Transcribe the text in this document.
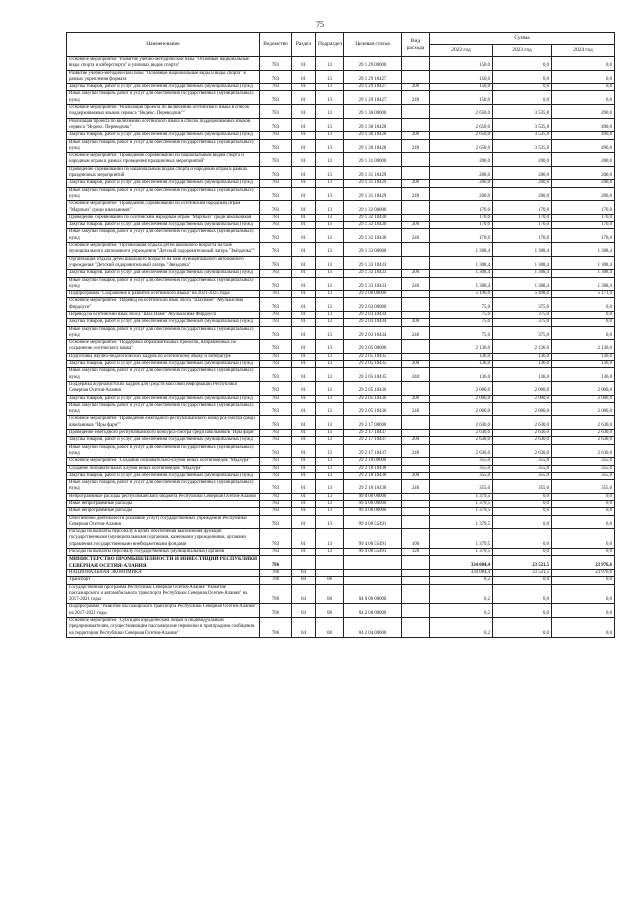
75
Наименование	Ведомство	Раздел	Подраздел	Целевая статья	Вид расхода	Сумма		
						2022 год	2023 год	2024 год
Основное мероприятие "Развитие учебно-методической базы "Основные национальные виды спорта и киберспорта" и уличных видов спорта"	783	01	13	29 1 29 00000		150,0	0,0	0,0
Развитие учебно-методической базы "Основные национальные виды и виды спорта" в рамках укрепления формата	783	01	13	29 1 29 10427		150,0	0,0	0,0
Закупка товаров, работ и услуг для обеспечения государственных (муниципальных) нужд	783	01	13	29 1 29 10427	200	150,0	0,0	0,0
Иные закупки товаров, работ и услуг для обеспечения государственных (муниципальных) нужд	783	01	13	29 1 29 10427	240	150,0	0,0	0,0
Основное мероприятие "Реализация проекта по включению осетинского языка в список поддерживаемых языков сервиса "Яндекс. Переводчик""	783	01	13	29 1 30 00000		2 650,0	3 535,8	490,0
Реализация проекта по включению осетинского языка в список поддерживаемых языков сервиса "Яндекс. Переводчик"	783	01	13	29 1 30 10428		2 650,0	3 535,8	490,0
Закупка товаров, работ и услуг для обеспечения государственных (муниципальных) нужд	783	01	13	29 1 30 10428	200	2 650,0	3 535,8	490,0
Иные закупки товаров, работ и услуг для обеспечения государственных (муниципальных) нужд	783	01	13	29 1 30 10428	240	2 650,0	3 535,8	490,0
Основное мероприятие "Проведение соревнований по национальным видам спорта и народным играм в рамках проведения праздничных мероприятий"	783	01	13	29 1 31 00000		200,0	200,0	200,0
Проведение соревнований по национальным видам спорта и народным играм в рамках праздничных мероприятий	783	01	13	29 1 31 10429		200,0	200,0	200,0
Закупка товаров, работ и услуг для обеспечения государственных (муниципальных) нужд	783	01	13	29 1 31 10429	200	200,0	200,0	200,0
Иные закупки товаров, работ и услуг для обеспечения государственных (муниципальных) нужд	783	01	13	29 1 31 10429	240	200,0	200,0	200,0
Основное мероприятие "Проведение соревнований по осетинским народным играм "Марчъиз" среди школьников"	783	01	13	29 1 32 00000		170,0	170,0	170,0
Проведение соревнований по осетинским народным играм "Марчъиз" среди школьников	783	01	13	29 1 32 10430		170,0	170,0	170,0
Закупка товаров, работ и услуг для обеспечения государственных (муниципальных) нужд	783	01	13	29 1 32 10430	200	170,0	170,0	170,0
Иные закупки товаров, работ и услуг для обеспечения государственных (муниципальных) нужд	783	01	13	29 1 32 10430	240	170,0	170,0	170,0
Основное мероприятие "Организация отдыха детей школьного возраста на базе муниципального автономного учреждения "Детский оздоровительный лагерь "Звёздочка""	783	01	13	29 1 33 00000		1 308,4	1 308,4	1 308,4
Организация отдыха детей школьного возраста на базе муниципального автономного учреждения "Детский оздоровительный лагерь "Звёздочка"	783	01	13	29 1 33 10433		1 308,4	1 308,4	1 308,4
Закупка товаров, работ и услуг для обеспечения государственных (муниципальных) нужд	783	01	13	29 1 33 10433	200	1 308,4	1 308,4	1 308,4
Иные закупки товаров, работ и услуг для обеспечения государственных (муниципальных) нужд	783	01	13	29 1 33 10433	240	1 308,4	1 308,4	1 308,4
Подпрограмма "Сохранение и развитие осетинского языка" на 2021-2025 годы	783	01	13	29 2 00 00000		5 196,0	5 498,0	5 171,0
Основное мероприятие "Перевод на осетинский язык эпоса "Шахнаме" Абулькасима Фирдоуси"	783	01	13	29 2 03 00000		75,0	375,0	0,0
Перевод на осетинский язык эпоса "Шах Наме" Абулькасима Фирдоуси	783	01	13	29 2 03 10434		75,0	375,0	0,0
Закупка товаров, работ и услуг для обеспечения государственных (муниципальных) нужд	783	01	13	29 2 03 10434	200	75,0	375,0	0,0
Иные закупки товаров, работ и услуг для обеспечения государственных (муниципальных) нужд	783	01	13	29 2 03 10434	240	75,0	375,0	0,0
Основное мероприятие "Поддержка образовательных проектов, направленных на сохранение осетинского языка"	783	01	13	29 2 05 00000		2 136,0	2 136,0	2 136,0
Подготовка научно-педагогических кадров по осетинскому языку и литературе	783	01	13	29 2 05 10435		136,0	136,0	136,0
Закупка товаров, работ и услуг для обеспечения государственных (муниципальных) нужд	783	01	13	29 2 05 10435	200	136,0	136,0	136,0
Иные закупки товаров, работ и услуг для обеспечения государственных (муниципальных) нужд	783	01	13	29 2 05 10435	240	136,0	136,0	136,0
Поддержка журналистских кадров для средств массовой информации Республики Северная Осетия-Алания	783	01	13	29 2 05 10436		2 000,0	2 000,0	2 000,0
Закупка товаров, работ и услуг для обеспечения государственных (муниципальных) нужд	783	01	13	29 2 05 10436	200	2 000,0	2 000,0	2 000,0
Иные закупки товаров, работ и услуг для обеспечения государственных (муниципальных) нужд	783	01	13	29 2 05 10436	240	2 000,0	2 000,0	2 000,0
Основное мероприятие "Проведение ежегодного республиканского конкурса-смотра среди школьников "Иры фарн""	783	01	13	29 2 17 00000		2 630,0	2 630,0	2 630,0
Проведение ежегодного республиканского конкурса-смотра среди школьников "Иры фарн"	783	01	13	29 2 17 10437		2 630,0	2 630,0	2 630,0
Закупка товаров, работ и услуг для обеспечения государственных (муниципальных) нужд	783	01	13	29 2 17 10437	200	2 630,0	2 630,0	2 630,0
Иные закупки товаров, работ и услуг для обеспечения государственных (муниципальных) нужд	783	01	13	29 2 17 10437	240	2 630,0	2 630,0	2 630,0
Основное мероприятие "Создание познавательно-клубов юных осетиноведов "Мадзура""	783	01	13	29 2 18 00000		355,0	355,0	355,0
Создание познавательных клубов юных осетиноведов "Мадзура"	783	01	13	29 2 18 10438		355,0	355,0	355,0
Закупка товаров, работ и услуг для обеспечения государственных (муниципальных) нужд	783	01	13	29 2 18 10438	200	355,0	355,0	355,0
Иные закупки товаров, работ и услуг для обеспечения государственных (муниципальных) нужд	783	01	13	29 2 18 10438	240	355,0	355,0	355,0
Непрограммные расходы республиканского бюджета Республики Северная Осетия-Алания	783	01	13	99 0 00 00000		1 379,5	0,0	0,0
Иные непрограммные расходы	783	01	13	99 4 00 00000		1 379,5	0,0	0,0
Иные непрограммные расходы	783	01	13	99 4 00 00000		1 379,5	0,0	0,0
Обеспечение деятельности (оказание услуг) государственных учреждений Республики Северная Осетия-Алания	783	01	13	99 4 00 55491		1 379,5	0,0	0,0
Расходы на выплаты персоналу в целях обеспечения выполнения функций государственными (муниципальными) органами, казенными учреждениями, органами управления государственными внебюджетными фондами	783	01	13	99 4 00 55491	100	1 379,5	0,0	0,0
Расходы на выплаты персоналу государственных (муниципальных) органов	783	01	13	99 4 00 55491	120	1 379,5	0,0	0,0
МИНИСТЕРСТВО ПРОМЫШЛЕННОСТИ И ИНВЕСТИЦИЙ РЕСПУБЛИКИ СЕВЕРНАЯ ОСЕТИЯ-АЛАНИЯ	786					334 084,4	23 521,5	23 976,6
НАЦИОНАЛЬНАЯ ЭКОНОМИКА	786	04				334 084,4	23 521,5	23 976,6
Транспорт	786	04	08			0,2	0,0	0,0
Государственная программа Республики Северная Осетия-Алания "Развитие пассажирского и автомобильного транспорта Республики Северная Осетия-Алания" на 2017-2021 годы	786	04	08	04 0 00 00000		0,2	0,0	0,0
Подпрограмма "Развитие пассажирского транспорта Республики Северная Осетия-Алания" на 2017-2021 годы	786	04	08	04 2 00 00000		0,2	0,0	0,0
Основное мероприятие "Субсидии юридическим лицам и индивидуальным предпринимателям, осуществляющим пассажирские перевозки в пригородном сообщении на территории Республики Северная Осетия-Алания"	786	04	08	04 2 04 00000		0,2	0,0	0,0
